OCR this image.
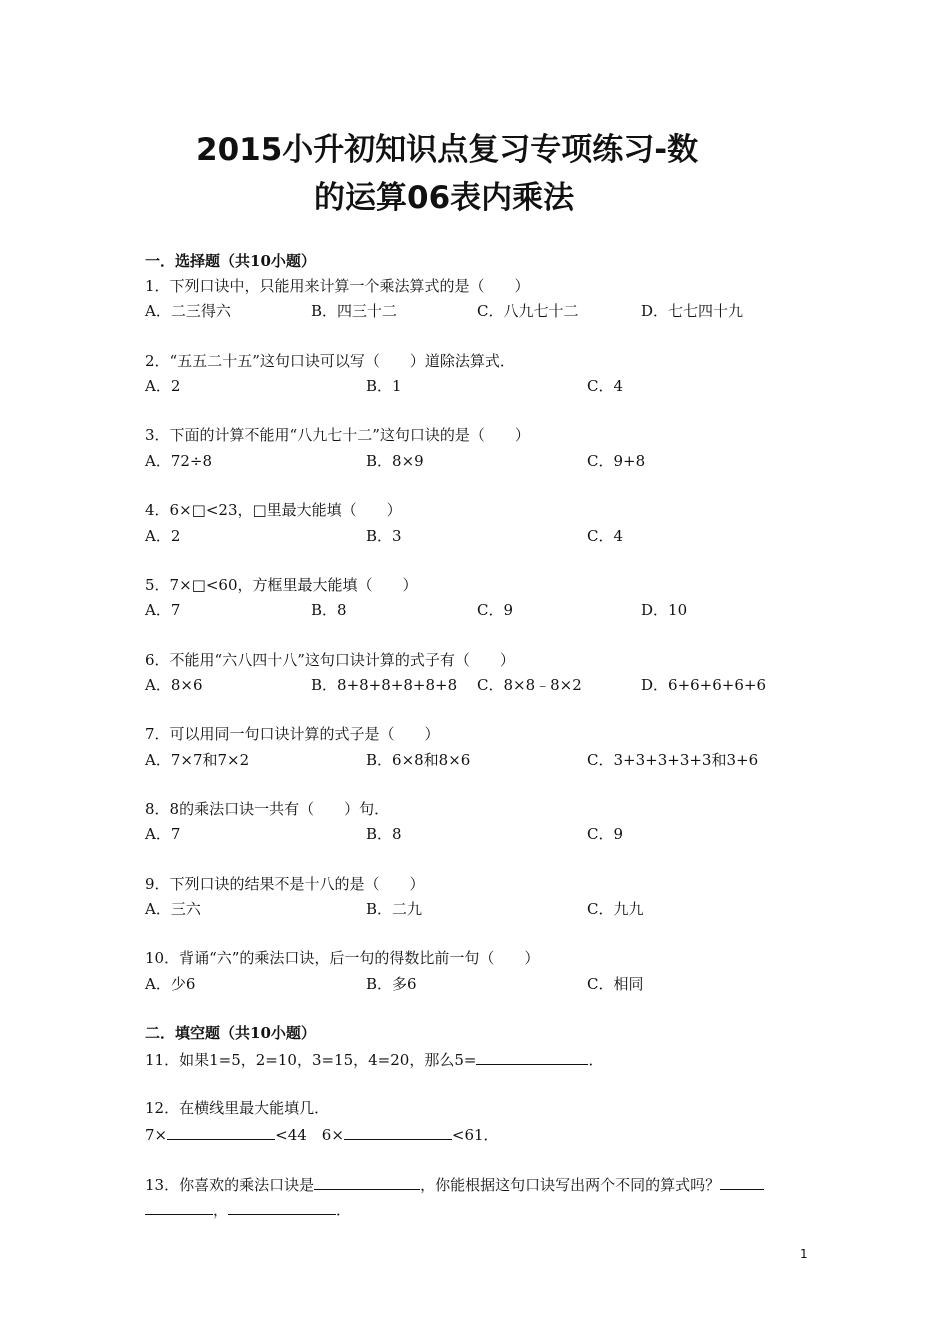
2015小升初知识点复习专项练习-数
的运算06表内乘法
一．选择题（共10小题）
1．下列口诀中，只能用来计算一个乘法算式的是（　　）
A．二三得六	B．四三十二	C．八九七十二	D．七七四十九
2．“五五二十五”这句口诀可以写（　　）道除法算式．
A．2	B．1	C．4
3．下面的计算不能用“八九七十二”这句口诀的是（　　）
A．72÷8	B．8×9	C．9+8
4．6×□<23，□里最大能填（　　）
A．2	B．3	C．4
5．7×□<60，方框里最大能填（　　）
A．7	B．8	C．9	D．10
6．不能用“六八四十八”这句口诀计算的式子有（　　）
A．8×6	B．8+8+8+8+8+8 C．8×8﹣8×2	D．6+6+6+6+6
7．可以用同一句口诀计算的式子是（　　）
A．7×7和7×2	B．6×8和8×6	C．3+3+3+3+3和3+6
8．8的乘法口诀一共有（　　）句．
A．7	B．8	C．9
9．下列口诀的结果不是十八的是（　　）
A．三六	B．二九	C．九九
10．背诵“六”的乘法口诀，后一句的得数比前一句（　　）
A．少6	B．多6	C．相同
二．填空题（共10小题）
11．如果1=5，2=10，3=15，4=20，那么5=	．
12．在横线里最大能填几．
7×	<44　6×	<61．
13．你喜欢的乘法口诀是	，你能根据这句口诀写出两个不同的算式吗？
，	．
1
